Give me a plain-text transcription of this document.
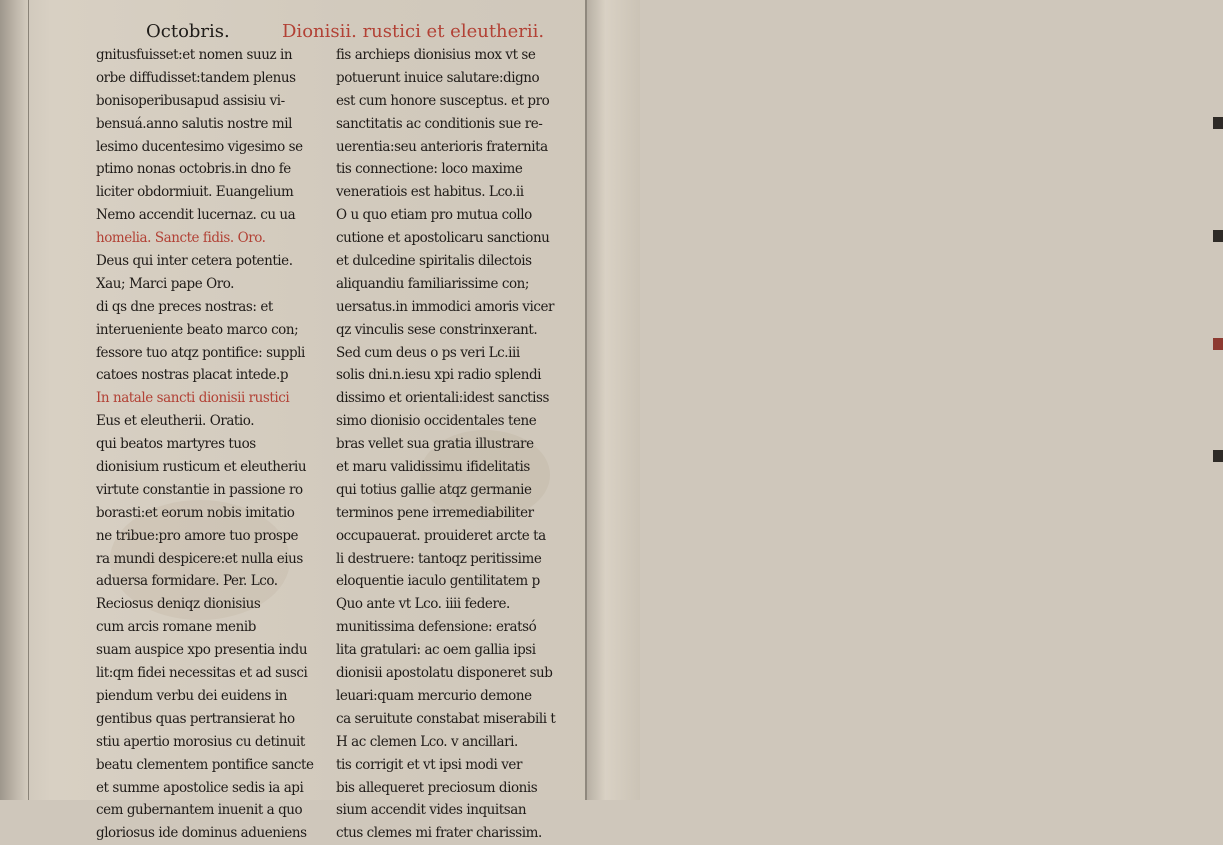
Octobris.	Dionisii. rustici et eleutherii.
gnitusfuisset:et nomen suuz in
orbe diffudisset:tandem plenus
bonisoperibusapud assisiu vi-
bensuá.anno salutis nostre mil
lesimo ducentesimo vigesimo se
ptimo nonas octobris.in dno fe
liciter obdormiuit. Euangelium
Nemo accendit lucernaz. cu ua
homelia. Sancte fidis. Oro.
Deus qui inter cetera potentie.
Xau; Marci pape Oro.
di qs dne preces nostras: et
interueniente beato marco con;
fessore tuo atqz pontifice: suppli
catoes nostras placat intede.p
In natale sancti dionisii rustici
Eus et eleutherii. Oratio.
qui beatos martyres tuos
dionisium rusticum et eleutheriu
virtute constantie in passione ro
borasti:et eorum nobis imitatio
ne tribue:pro amore tuo prospe
ra mundi despicere:et nulla eius
aduersa formidare. Per. Lco.
Reciosus deniqz dionisius
cum arcis romane menib
suam auspice xpo presentia indu
lit:qm fidei necessitas et ad susci
piendum verbu dei euidens in
gentibus quas pertransierat ho
stiu apertio morosius cu detinuit
beatu clementem pontifice sancte
et summe apostolice sedis ia api
cem gubernantem inuenit a quo
gloriosus ide dominus adueniens
fis archieps dionisius mox vt se
potuerunt inuice salutare:digno
est cum honore susceptus. et pro
sanctitatis ac conditionis sue re-
uerentia:seu anterioris fraternita
tis connectione: loco maxime
veneratiois est habitus. Lco.ii
O u quo etiam pro mutua collo
cutione et apostolicaru sanctionu
et dulcedine spiritalis dilectois
aliquandiu familiarissime con;
uersatus.in immodici amoris vicer
qz vinculis sese constrinxerant.
Sed cum deus o ps veri Lc.iii
solis dni.n.iesu xpi radio splendi
dissimo et orientali:idest sanctiss
simo dionisio occidentales tene
bras vellet sua gratia illustrare
et maru validissimu ifidelitatis
qui totius gallie atqz germanie
terminos pene irremediabiliter
occupauerat. prouideret arcte ta
li destruere: tantoqz peritissime
eloquentie iaculo gentilitatem p
Quo ante vt Lco. iiii federe.
munitissima defensione: eratsó
lita gratulari: ac oem gallia ipsi
dionisii apostolatu disponeret sub
leuari:quam mercurio demone
ca seruitute constabat miserabili t
H ac clemen Lco. v ancillari.
tis corrigit et vt ipsi modi ver
bis allequeret preciosum dionis
sium accendit vides inquitsan
ctus clemes mi frater charissim.
